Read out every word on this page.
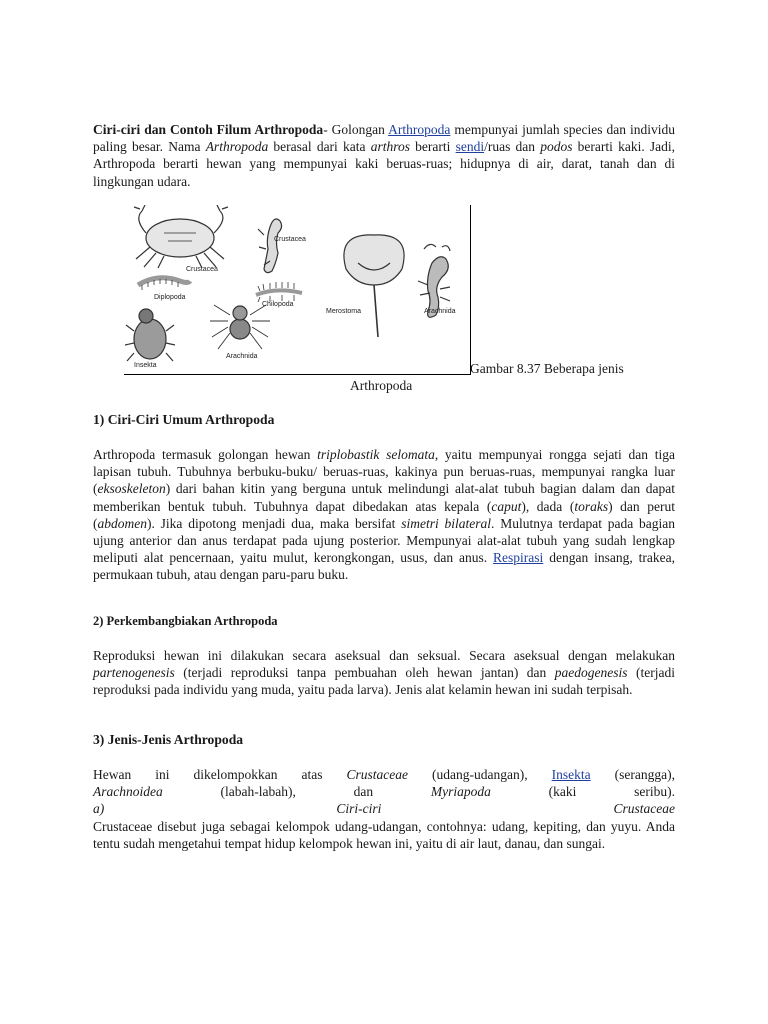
Ciri-ciri dan Contoh Filum Arthropoda- Golongan Arthropoda mempunyai jumlah species dan individu paling besar. Nama Arthropoda berasal dari kata arthros berarti sendi/ruas dan podos berarti kaki. Jadi, Arthropoda berarti hewan yang mempunyai kaki beruas-ruas; hidupnya di air, darat, tanah dan di lingkungan udara.

Crustacea
Crustacea
Diplopoda
Chilopoda
Merostoma	Arachnida
Insekta
Arachnida
Gambar 8.37 Beberapa jenis
Arthropoda
1) Ciri-Ciri Umum Arthropoda

Arthropoda termasuk golongan hewan triplobastik selomata, yaitu mempunyai rongga sejati dan tiga lapisan tubuh. Tubuhnya berbuku-buku/ beruas-ruas, kakinya pun beruas-ruas, mempunyai rangka luar (eksoskeleton) dari bahan kitin yang berguna untuk melindungi alat-alat tubuh bagian dalam dan dapat memberikan bentuk tubuh. Tubuhnya dapat dibedakan atas kepala (caput), dada (toraks) dan perut (abdomen). Jika dipotong menjadi dua, maka bersifat simetri bilateral. Mulutnya terdapat pada bagian ujung anterior dan anus terdapat pada ujung posterior. Mempunyai alat-alat tubuh yang sudah lengkap meliputi alat pencernaan, yaitu mulut, kerongkongan, usus, dan anus. Respirasi dengan insang, trakea, permukaan tubuh, atau dengan paru-paru buku.

2) Perkembangbiakan Arthropoda

Reproduksi hewan ini dilakukan secara aseksual dan seksual. Secara aseksual dengan melakukan partenogenesis (terjadi reproduksi tanpa pembuahan oleh hewan jantan) dan paedogenesis (terjadi reproduksi pada individu yang muda, yaitu pada larva). Jenis alat kelamin hewan ini sudah terpisah.

3) Jenis-Jenis Arthropoda
Hewan ini dikelompokkan atas Crustaceae (udang-udangan), Insekta (serangga),
Arachnoidea (labah-labah), dan Myriapoda (kaki seribu).
a)	Ciri-ciri	Crustaceae
Crustaceae disebut juga sebagai kelompok udang-udangan, contohnya: udang, kepiting, dan yuyu. Anda tentu sudah mengetahui tempat hidup kelompok hewan ini, yaitu di air laut, danau, dan sungai.
